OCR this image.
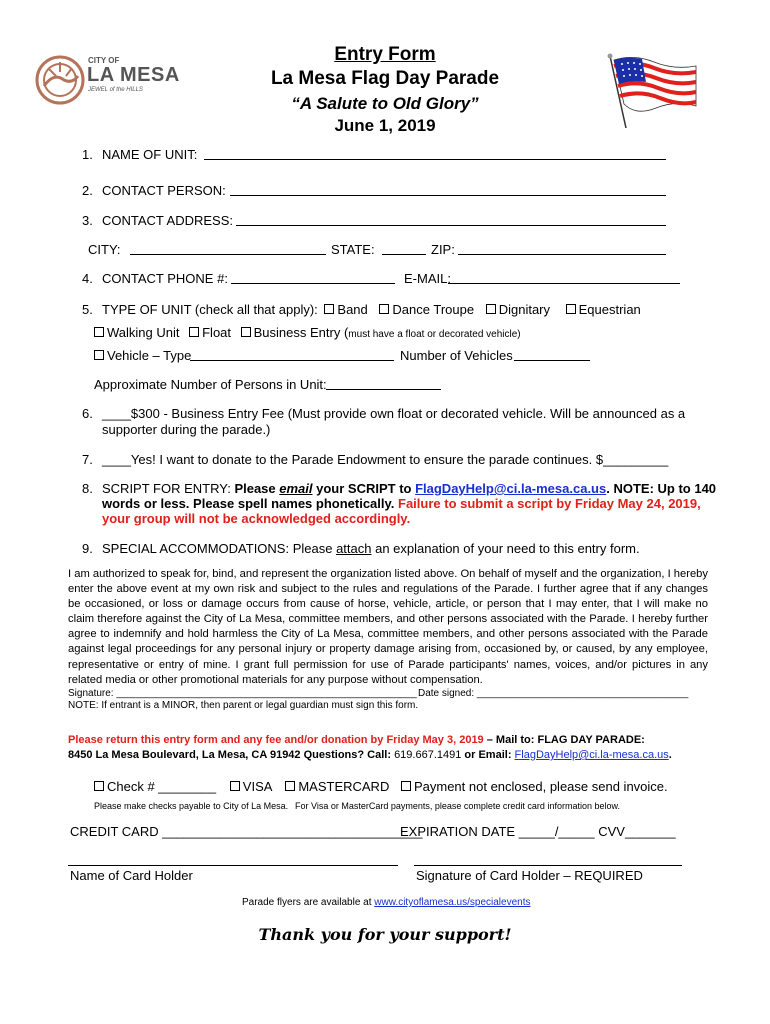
CITY OF
LA MESA
JEWEL of the HILLS
Entry Form
La Mesa Flag Day Parade
“A Salute to Old Glory”
June 1, 2019
1. NAME OF UNIT:
2. CONTACT PERSON:
3. CONTACT ADDRESS:
CITY:	STATE:	ZIP:
4. CONTACT PHONE #:	E-MAIL:
5. TYPE OF UNIT (check all that apply): Band Dance Troupe Dignitary Equestrian
Walking Unit Float Business Entry (must have a float or decorated vehicle)
Vehicle – Type	Number of Vehicles
Approximate Number of Persons in Unit:
6. ____$300 - Business Entry Fee (Must provide own float or decorated vehicle. Will be announced as a
supporter during the parade.)
7. ____Yes! I want to donate to the Parade Endowment to ensure the parade continues. $_________
8. SCRIPT FOR ENTRY: Please email your SCRIPT to FlagDayHelp@ci.la-mesa.ca.us. NOTE: Up to 140
words or less. Please spell names phonetically. Failure to submit a script by Friday May 24, 2019,
your group will not be acknowledged accordingly.
9. SPECIAL ACCOMMODATIONS: Please attach an explanation of your need to this entry form.
I am authorized to speak for, bind, and represent the organization listed above. On behalf of myself and the organization, I hereby enter the above event at my own risk and subject to the rules and regulations of the Parade. I further agree that if any changes be occasioned, or loss or damage occurs from cause of horse, vehicle, article, or person that I may enter, that I will make no claim therefore against the City of La Mesa, committee members, and other persons associated with the Parade. I hereby further agree to indemnify and hold harmless the City of La Mesa, committee members, and other persons associated with the Parade against legal proceedings for any personal injury or property damage arising from, occasioned by, or caused, by any employee, representative or entry of mine. I grant full permission for use of Parade participants' names, voices, and/or pictures in any related media or other promotional materials for any purpose without compensation.
Signature: ______________________________________________________ Date signed: ______________________________________
NOTE: If entrant is a MINOR, then parent or legal guardian must sign this form.
Please return this entry form and any fee and/or donation by Friday May 3, 2019 – Mail to: FLAG DAY PARADE:
8450 La Mesa Boulevard, La Mesa, CA 91942 Questions? Call: 619.667.1491 or Email: FlagDayHelp@ci.la-mesa.ca.us.
Check # ________ VISA MASTERCARD Payment not enclosed, please send invoice.
Please make checks payable to City of La Mesa. For Visa or MasterCard payments, please complete credit card information below.
CREDIT CARD ____________________________________
EXPIRATION DATE _____/_____ CVV_______
Name of Card Holder	Signature of Card Holder – REQUIRED
Parade flyers are available at www.cityoflamesa.us/specialevents
Thank you for your support!
